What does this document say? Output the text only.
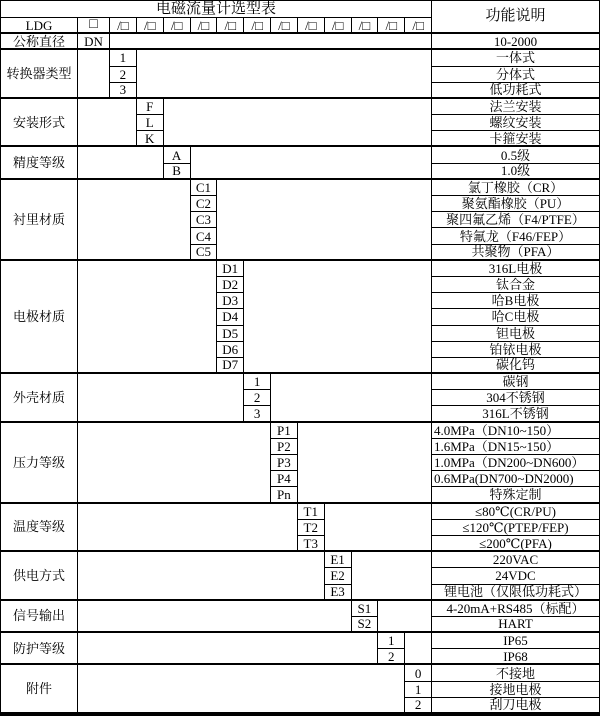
电磁流量计选型表	功能说明
LDG	□	/□	/□	/□	/□	/□	/□	/□	/□	/□	/□	/□	/□
公称直径	DN	10-2000
转换器类型
1	一体式
2	分体式
3	低功耗式
安装形式
F	法兰安装
L	螺纹安装
K	卡箍安装
精度等级
A	0.5级
B	1.0级
衬里材质
C1	氯丁橡胶（CR）
C2	聚氨酯橡胶（PU）
C3	聚四氟乙烯（F4/PTFE）
C4	特氟龙（F46/FEP）
C5	共聚物（PFA）
电极材质
D1	316L电极
D2	钛合金
D3	哈B电极
D4	哈C电极
D5	钽电极
D6	铂铱电极
D7	碳化钨
外壳材质
1	碳钢
2	304不锈钢
3	316L不锈钢
压力等级
P1	4.0MPa（DN10~150）
P2	1.6MPa（DN15~150）
P3	1.0MPa（DN200~DN600）
P4	0.6MPa(DN700~DN2000)
Pn	特殊定制
温度等级
T1	≤80℃(CR/PU)
T2	≤120℃(PTEP/FEP)
T3	≤200℃(PFA)
供电方式
E1	220VAC
E2	24VDC
E3	锂电池（仅限低功耗式）
信号输出
S1	4-20mA+RS485（标配）
S2	HART
防护等级
1	IP65
2	IP68
附件
0	不接地
1	接地电极
2	刮刀电极
